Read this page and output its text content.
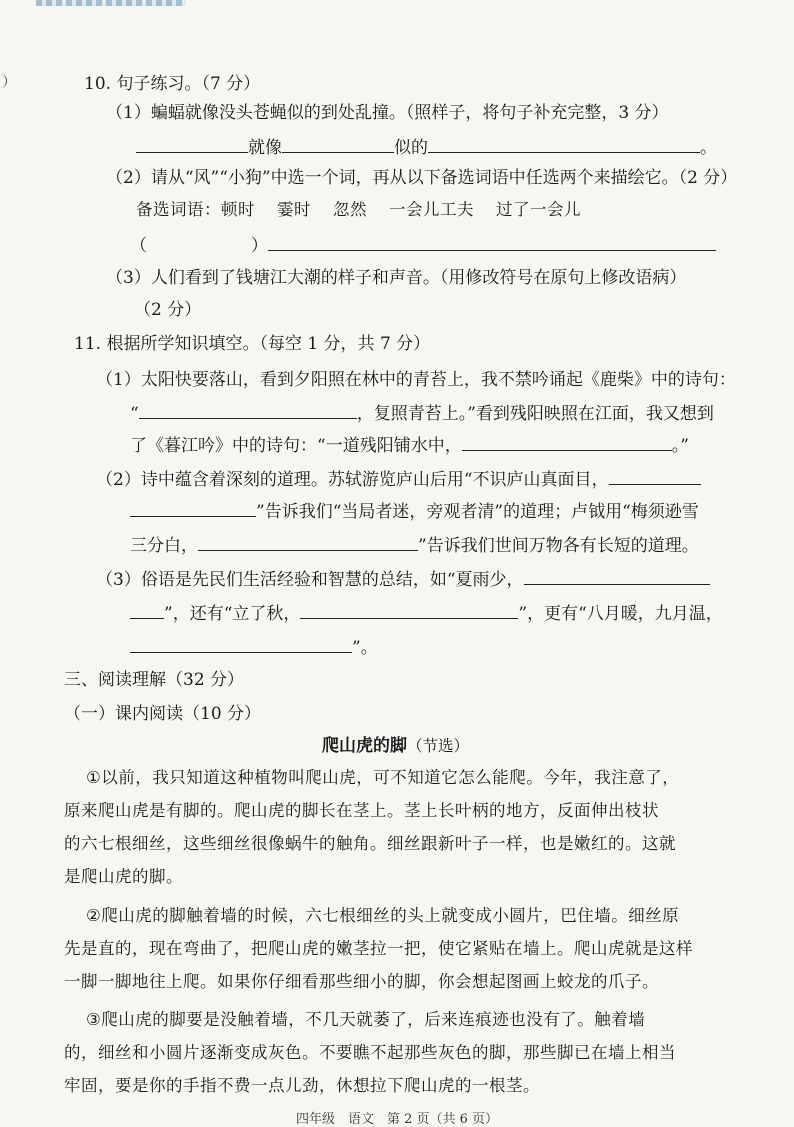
10. 句子练习。（7 分）
（1）蝙蝠就像没头苍蝇似的到处乱撞。（照样子，将句子补充完整，3 分）
就像	似的	。
（2）请从“风”“小狗”中选一个词，再从以下备选词语中任选两个来描绘它。（2 分）
备选词语：顿时 霎时 忽然 一会儿工夫 过了一会儿
（	）
（3）人们看到了钱塘江大潮的样子和声音。（用修改符号在原句上修改语病）
（2 分）
11. 根据所学知识填空。（每空 1 分，共 7 分）
（1）太阳快要落山，看到夕阳照在林中的青苔上，我不禁吟诵起《鹿柴》中的诗句：
“	，复照青苔上。”看到残阳映照在江面，我又想到
了《暮江吟》中的诗句：“一道残阳铺水中，	。”
（2）诗中蕴含着深刻的道理。苏轼游览庐山后用“不识庐山真面目，
”告诉我们“当局者迷，旁观者清”的道理；卢钺用“梅须逊雪
三分白，	”告诉我们世间万物各有长短的道理。
（3）俗语是先民们生活经验和智慧的总结，如“夏雨少，
”，还有“立了秋，	”，更有“八月暖，九月温，
”。
三、阅读理解（32 分）
（一）课内阅读（10 分）
爬山虎的脚（节选）
①以前，我只知道这种植物叫爬山虎，可不知道它怎么能爬。今年，我注意了，
原来爬山虎是有脚的。爬山虎的脚长在茎上。茎上长叶柄的地方，反面伸出枝状
的六七根细丝，这些细丝很像蜗牛的触角。细丝跟新叶子一样，也是嫩红的。这就
是爬山虎的脚。
②爬山虎的脚触着墙的时候，六七根细丝的头上就变成小圆片，巴住墙。细丝原
先是直的，现在弯曲了，把爬山虎的嫩茎拉一把，使它紧贴在墙上。爬山虎就是这样
一脚一脚地往上爬。如果你仔细看那些细小的脚，你会想起图画上蛟龙的爪子。
③爬山虎的脚要是没触着墙，不几天就萎了，后来连痕迹也没有了。触着墙
的，细丝和小圆片逐渐变成灰色。不要瞧不起那些灰色的脚，那些脚已在墙上相当
牢固，要是你的手指不费一点儿劲，休想拉下爬山虎的一根茎。
四年级　语文　第 2 页（共 6 页）
